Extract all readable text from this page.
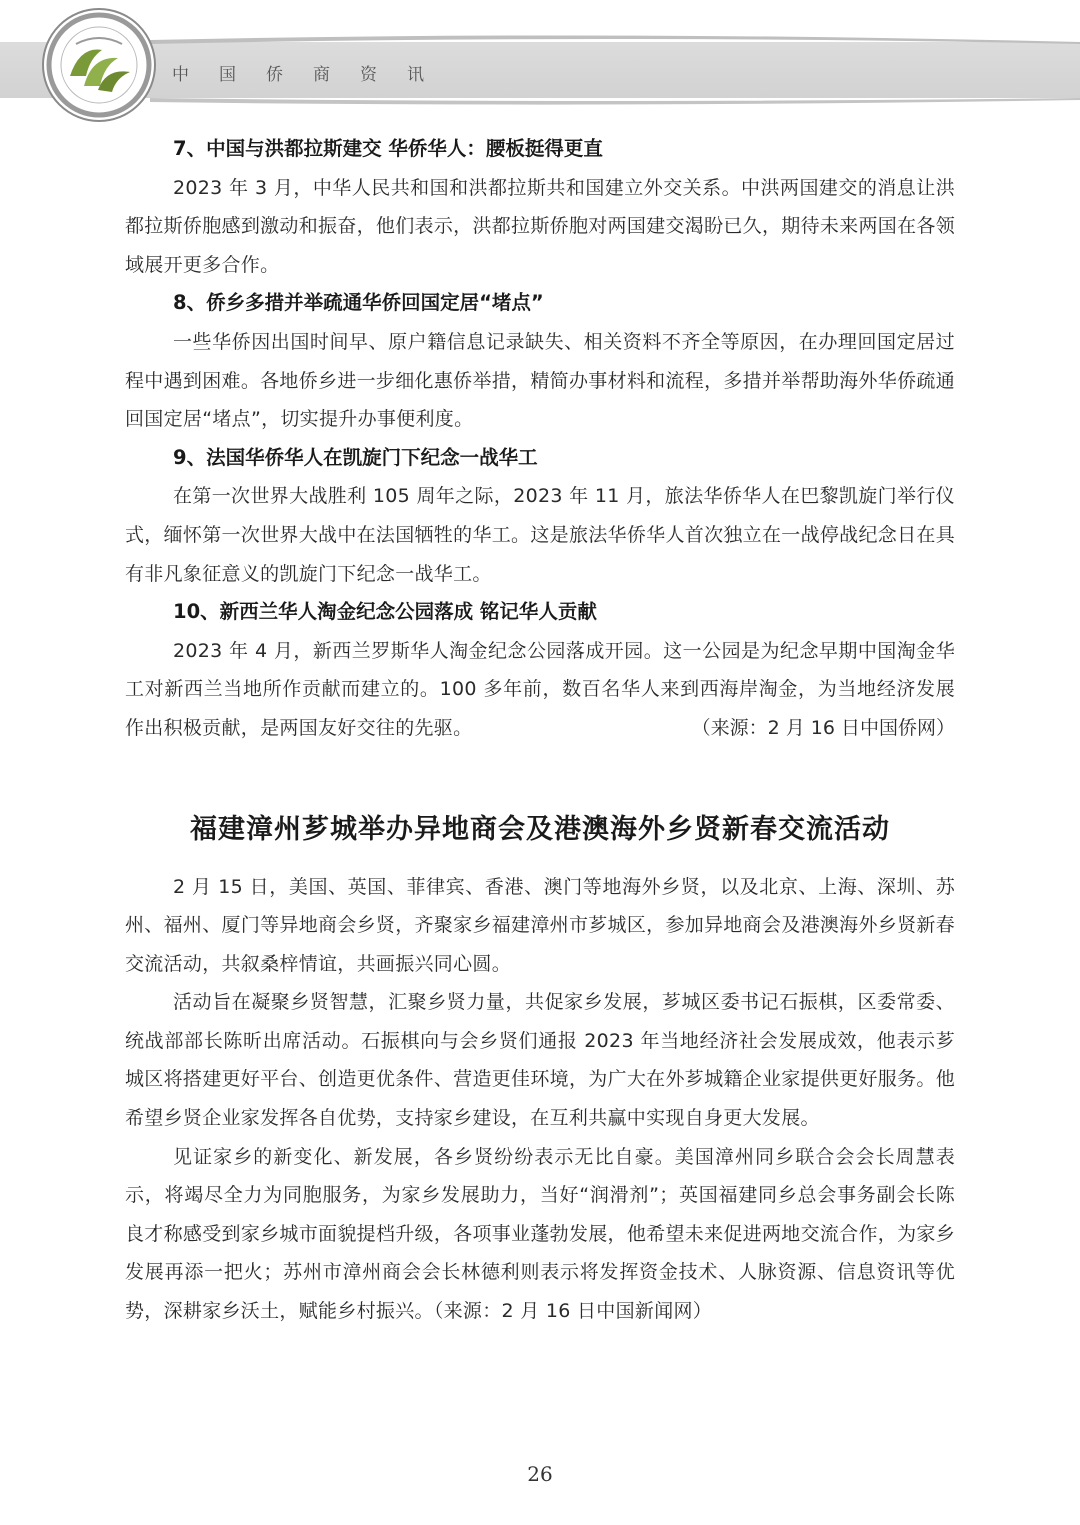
中国侨商资讯

7、中国与洪都拉斯建交 华侨华人：腰板挺得更直

2023 年 3 月，中华人民共和国和洪都拉斯共和国建立外交关系。中洪两国建交的消息让洪都拉斯侨胞感到激动和振奋，他们表示，洪都拉斯侨胞对两国建交渴盼已久，期待未来两国在各领域展开更多合作。

8、侨乡多措并举疏通华侨回国定居“堵点”

一些华侨因出国时间早、原户籍信息记录缺失、相关资料不齐全等原因，在办理回国定居过程中遇到困难。各地侨乡进一步细化惠侨举措，精简办事材料和流程，多措并举帮助海外华侨疏通回国定居“堵点”，切实提升办事便利度。

9、法国华侨华人在凯旋门下纪念一战华工

在第一次世界大战胜利 105 周年之际，2023 年 11 月，旅法华侨华人在巴黎凯旋门举行仪式，缅怀第一次世界大战中在法国牺牲的华工。这是旅法华侨华人首次独立在一战停战纪念日在具有非凡象征意义的凯旋门下纪念一战华工。

10、新西兰华人淘金纪念公园落成 铭记华人贡献

2023 年 4 月，新西兰罗斯华人淘金纪念公园落成开园。这一公园是为纪念早期中国淘金华工对新西兰当地所作贡献而建立的。100 多年前，数百名华人来到西海岸淘金，为当地经济发展作出积极贡献，是两国友好交往的先驱。	（来源：2 月 16 日中国侨网）

福建漳州芗城举办异地商会及港澳海外乡贤新春交流活动

2 月 15 日，美国、英国、菲律宾、香港、澳门等地海外乡贤，以及北京、上海、深圳、苏州、福州、厦门等异地商会乡贤，齐聚家乡福建漳州市芗城区，参加异地商会及港澳海外乡贤新春交流活动，共叙桑梓情谊，共画振兴同心圆。

活动旨在凝聚乡贤智慧，汇聚乡贤力量，共促家乡发展，芗城区委书记石振棋，区委常委、统战部部长陈昕出席活动。石振棋向与会乡贤们通报 2023 年当地经济社会发展成效，他表示芗城区将搭建更好平台、创造更优条件、营造更佳环境，为广大在外芗城籍企业家提供更好服务。他希望乡贤企业家发挥各自优势，支持家乡建设，在互利共赢中实现自身更大发展。

见证家乡的新变化、新发展，各乡贤纷纷表示无比自豪。美国漳州同乡联合会会长周慧表示，将竭尽全力为同胞服务，为家乡发展助力，当好“润滑剂”；英国福建同乡总会事务副会长陈良才称感受到家乡城市面貌提档升级，各项事业蓬勃发展，他希望未来促进两地交流合作，为家乡发展再添一把火；苏州市漳州商会会长林德利则表示将发挥资金技术、人脉资源、信息资讯等优势，深耕家乡沃土，赋能乡村振兴。（来源：2 月 16 日中国新闻网）

26
